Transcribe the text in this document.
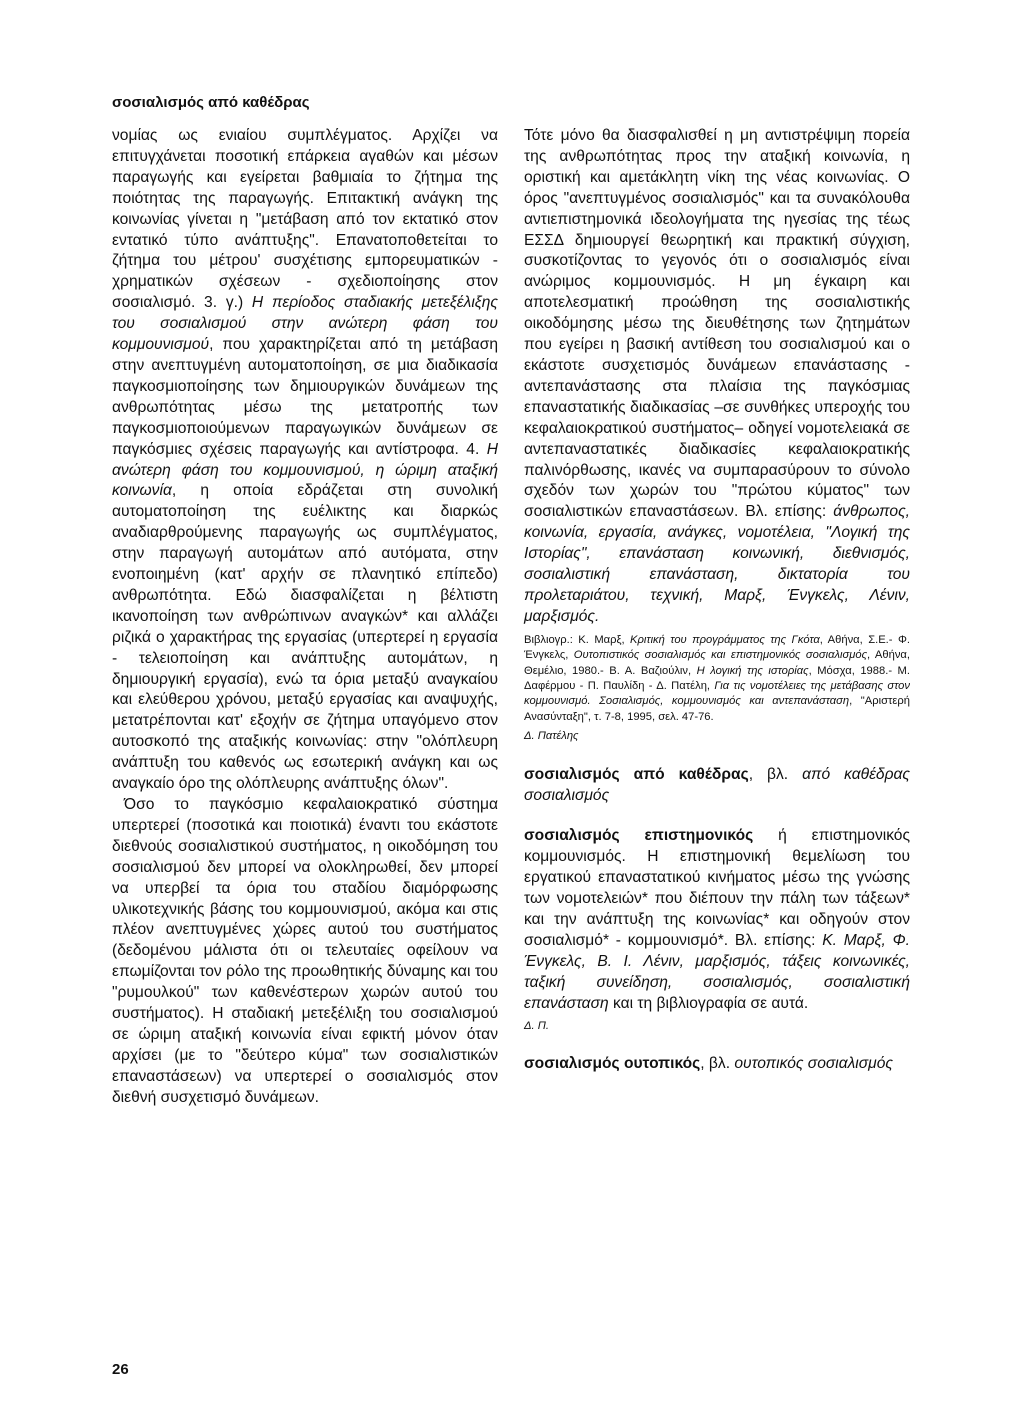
σοσιαλισμός από καθέδρας

νομίας ως ενιαίου συμπλέγματος. Αρχίζει να επιτυγχάνεται ποσοτική επάρκεια αγαθών και μέσων παραγωγής και εγείρεται βαθμιαία το ζήτημα της ποιότητας της παραγωγής. Επιτακτική ανάγκη της κοινωνίας γίνεται η "μετάβαση από τον εκτατικό στον εντατικό τύπο ανάπτυξης". Επανατοποθετείται το ζήτημα του μέτρου' συσχέτισης εμπορευματικών - χρηματικών σχέσεων - σχεδιοποίησης στον σοσιαλισμό. 3. γ.) Η περίοδος σταδιακής μετεξέλιξης του σοσιαλισμού στην ανώτερη φάση του κομμουνισμού, που χαρακτηρίζεται από τη μετάβαση στην ανεπτυγμένη αυτοματοποίηση, σε μια διαδικασία παγκοσμιοποίησης των δημιουργικών δυνάμεων της ανθρωπότητας μέσω της μετατροπής των παγκοσμιοποιούμενων παραγωγικών δυνάμεων σε παγκόσμιες σχέσεις παραγωγής και αντίστροφα. 4. Η ανώτερη φάση του κομμουνισμού, η ώριμη αταξική κοινωνία, η οποία εδράζεται στη συνολική αυτοματοποίηση της ευέλικτης και διαρκώς αναδιαρθρούμενης παραγωγής ως συμπλέγματος, στην παραγωγή αυτομάτων από αυτόματα, στην ενοποιημένη (κατ' αρχήν σε πλανητικό επίπεδο) ανθρωπότητα. Εδώ διασφαλίζεται η βέλτιστη ικανοποίηση των ανθρώπινων αναγκών* και αλλάζει ριζικά ο χαρακτήρας της εργασίας (υπερτερεί η εργασία - τελειοποίηση και ανάπτυξης αυτομάτων, η δημιουργική εργασία), ενώ τα όρια μεταξύ αναγκαίου και ελεύθερου χρόνου, μεταξύ εργασίας και αναψυχής, μετατρέπονται κατ' εξοχήν σε ζήτημα υπαγόμενο στον αυτοσκοπό της αταξικής κοινωνίας: στην "ολόπλευρη ανάπτυξη του καθενός ως εσωτερική ανάγκη και ως αναγκαίο όρο της ολόπλευρης ανάπτυξης όλων".

Όσο το παγκόσμιο κεφαλαιοκρατικό σύστημα υπερτερεί (ποσοτικά και ποιοτικά) έναντι του εκάστοτε διεθνούς σοσιαλιστικού συστήματος, η οικοδόμηση του σοσιαλισμού δεν μπορεί να ολοκληρωθεί, δεν μπορεί να υπερβεί τα όρια του σταδίου διαμόρφωσης υλικοτεχνικής βάσης του κομμουνισμού, ακόμα και στις πλέον ανεπτυγμένες χώρες αυτού του συστήματος (δεδομένου μάλιστα ότι οι τελευταίες οφείλουν να επωμίζονται τον ρόλο της προωθητικής δύναμης και του "ρυμουλκού" των καθενέστερων χωρών αυτού του συστήματος). Η σταδιακή μετεξέλιξη του σοσιαλισμού σε ώριμη αταξική κοινωνία είναι εφικτή μόνον όταν αρχίσει (με το "δεύτερο κύμα" των σοσιαλιστικών επαναστάσεων) να υπερτερεί ο σοσιαλισμός στον διεθνή συσχετισμό δυνάμεων.

Τότε μόνο θα διασφαλισθεί η μη αντιστρέψιμη πορεία της ανθρωπότητας προς την αταξική κοινωνία, η οριστική και αμετάκλητη νίκη της νέας κοινωνίας. Ο όρος "ανεπτυγμένος σοσιαλισμός" και τα συνακόλουθα αντιεπιστημονικά ιδεολογήματα της ηγεσίας της τέως ΕΣΣΔ δημιουργεί θεωρητική και πρακτική σύγχιση, συσκοτίζοντας το γεγονός ότι ο σοσιαλισμός είναι ανώριμος κομμουνισμός. Η μη έγκαιρη και αποτελεσματική προώθηση της σοσιαλιστικής οικοδόμησης μέσω της διευθέτησης των ζητημάτων που εγείρει η βασική αντίθεση του σοσιαλισμού και ο εκάστοτε συσχετισμός δυνάμεων επανάστασης - αντεπανάστασης στα πλαίσια της παγκόσμιας επαναστατικής διαδικασίας –σε συνθήκες υπεροχής του κεφαλαιοκρατικού συστήματος– οδηγεί νομοτελειακά σε αντεπαναστατικές διαδικασίες κεφαλαιοκρατικής παλινόρθωσης, ικανές να συμπαρασύρουν το σύνολο σχεδόν των χωρών του "πρώτου κύματος" των σοσιαλιστικών επαναστάσεων. Βλ. επίσης: άνθρωπος, κοινωνία, εργασία, ανάγκες, νομοτέλεια, "Λογική της Ιστορίας", επανάσταση κοινωνική, διεθνισμός, σοσιαλιστική επανάσταση, δικτατορία του προλεταριάτου, τεχνική, Μαρξ, Ένγκελς, Λένιν, μαρξισμός.

Βιβλιογρ.: Κ. Μαρξ, Κριτική του προγράμματος της Γκότα, Αθήνα, Σ.Ε.- Φ. Ένγκελς, Ουτοπιστικός σοσιαλισμός και επιστημονικός σοσιαλισμός, Αθήνα, Θεμέλιο, 1980.- Β. Α. Βαζιούλιν, Η λογική της ιστορίας, Μόσχα, 1988.- Μ. Δαφέρμου - Π. Παυλίδη - Δ. Πατέλη, Για τις νομοτέλειες της μετάβασης στον κομμουνισμό. Σοσιαλισμός, κομμουνισμός και αντεπανάσταση, "Αριστερή Ανασύνταξη", τ. 7-8, 1995, σελ. 47-76.

Δ. Πατέλης

σοσιαλισμός από καθέδρας, βλ. από καθέδρας σοσιαλισμός

σοσιαλισμός επιστημονικός ή επιστημονικός κομμουνισμός. Η επιστημονική θεμελίωση του εργατικού επαναστατικού κινήματος μέσω της γνώσης των νομοτελειών* που διέπουν την πάλη των τάξεων* και την ανάπτυξη της κοινωνίας* και οδηγούν στον σοσιαλισμό* - κομμουνισμό*. Βλ. επίσης: Κ. Μαρξ, Φ. Ένγκελς, Β. Ι. Λένιν, μαρξισμός, τάξεις κοινωνικές, ταξική συνείδηση, σοσιαλισμός, σοσιαλιστική επανάσταση και τη βιβλιογραφία σε αυτά.

Δ. Π.

σοσιαλισμός ουτοπικός, βλ. ουτοπικός σοσιαλισμός

26
